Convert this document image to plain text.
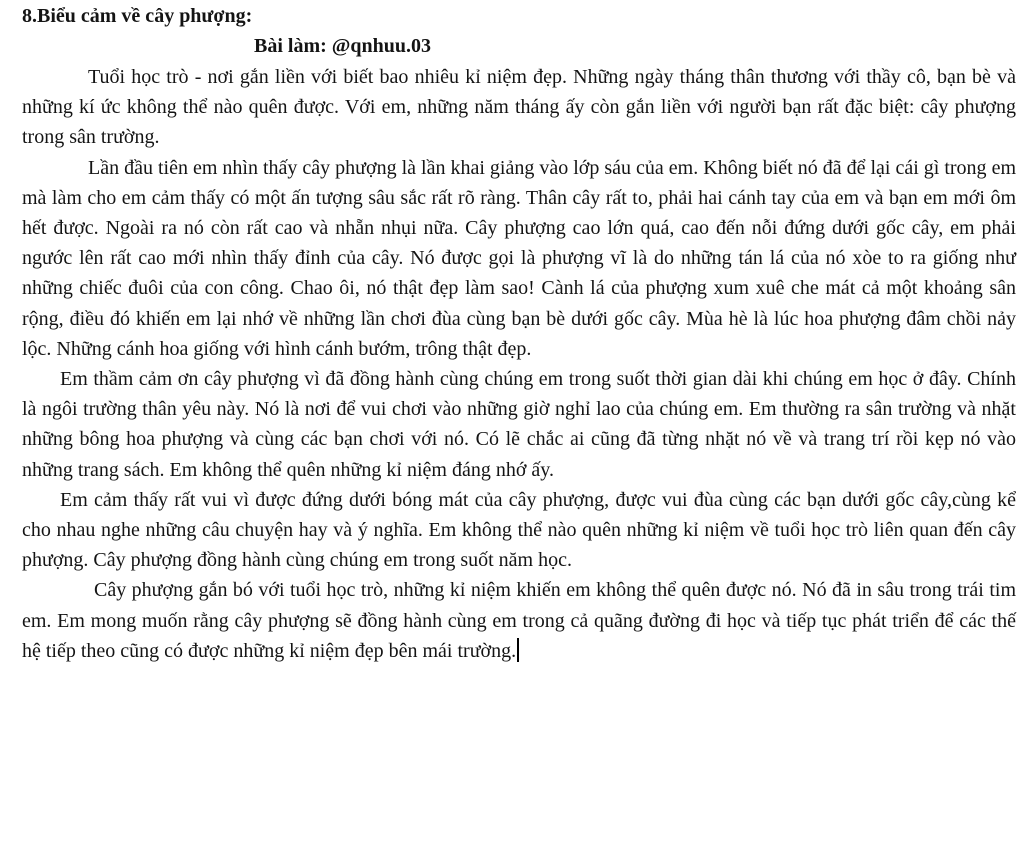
8.Biểu cảm về cây phượng:

Bài làm: @qnhuu.03

Tuổi học trò - nơi gắn liền với biết bao nhiêu kỉ niệm đẹp. Những ngày tháng thân thương với thầy cô, bạn bè và những kí ức không thể nào quên được. Với em, những năm tháng ấy còn gắn liền với người bạn rất đặc biệt: cây phượng trong sân trường.

Lần đầu tiên em nhìn thấy cây phượng là lần khai giảng vào lớp sáu của em. Không biết nó đã để lại cái gì trong em mà làm cho em cảm thấy có một ấn tượng sâu sắc rất rõ ràng. Thân cây rất to, phải hai cánh tay của em và bạn em mới ôm hết được. Ngoài ra nó còn rất cao và nhẵn nhụi nữa. Cây phượng cao lớn quá, cao đến nỗi đứng dưới gốc cây, em phải ngước lên rất cao mới nhìn thấy đỉnh của cây. Nó được gọi là phượng vĩ là do những tán lá của nó xòe to ra giống như những chiếc đuôi của con công. Chao ôi, nó thật đẹp làm sao! Cành lá của phượng xum xuê che mát cả một khoảng sân rộng, điều đó khiến em lại nhớ về những lần chơi đùa cùng bạn bè dưới gốc cây. Mùa hè là lúc hoa phượng đâm chồi nảy lộc. Những cánh hoa giống với hình cánh bướm, trông thật đẹp.

Em thầm cảm ơn cây phượng vì đã đồng hành cùng chúng em trong suốt thời gian dài khi chúng em học ở đây. Chính là ngôi trường thân yêu này. Nó là nơi để vui chơi vào những giờ nghỉ lao của chúng em. Em thường ra sân trường và nhặt những bông hoa phượng và cùng các bạn chơi với nó. Có lẽ chắc ai cũng đã từng nhặt nó về và trang trí rồi kẹp nó vào những trang sách. Em không thể quên những kỉ niệm đáng nhớ ấy.

Em cảm thấy rất vui vì được đứng dưới bóng mát của cây phượng, được vui đùa cùng các bạn dưới gốc cây,cùng kể cho nhau nghe những câu chuyện hay và ý nghĩa. Em không thể nào quên những kỉ niệm về tuổi học trò liên quan đến cây phượng. Cây phượng đồng hành cùng chúng em trong suốt năm học.

Cây phượng gắn bó với tuổi học trò, những kỉ niệm khiến em không thể quên được nó. Nó đã in sâu trong trái tim em. Em mong muốn rằng cây phượng sẽ đồng hành cùng em trong cả quãng đường đi học và tiếp tục phát triển để các thế hệ tiếp theo cũng có được những kỉ niệm đẹp bên mái trường.
